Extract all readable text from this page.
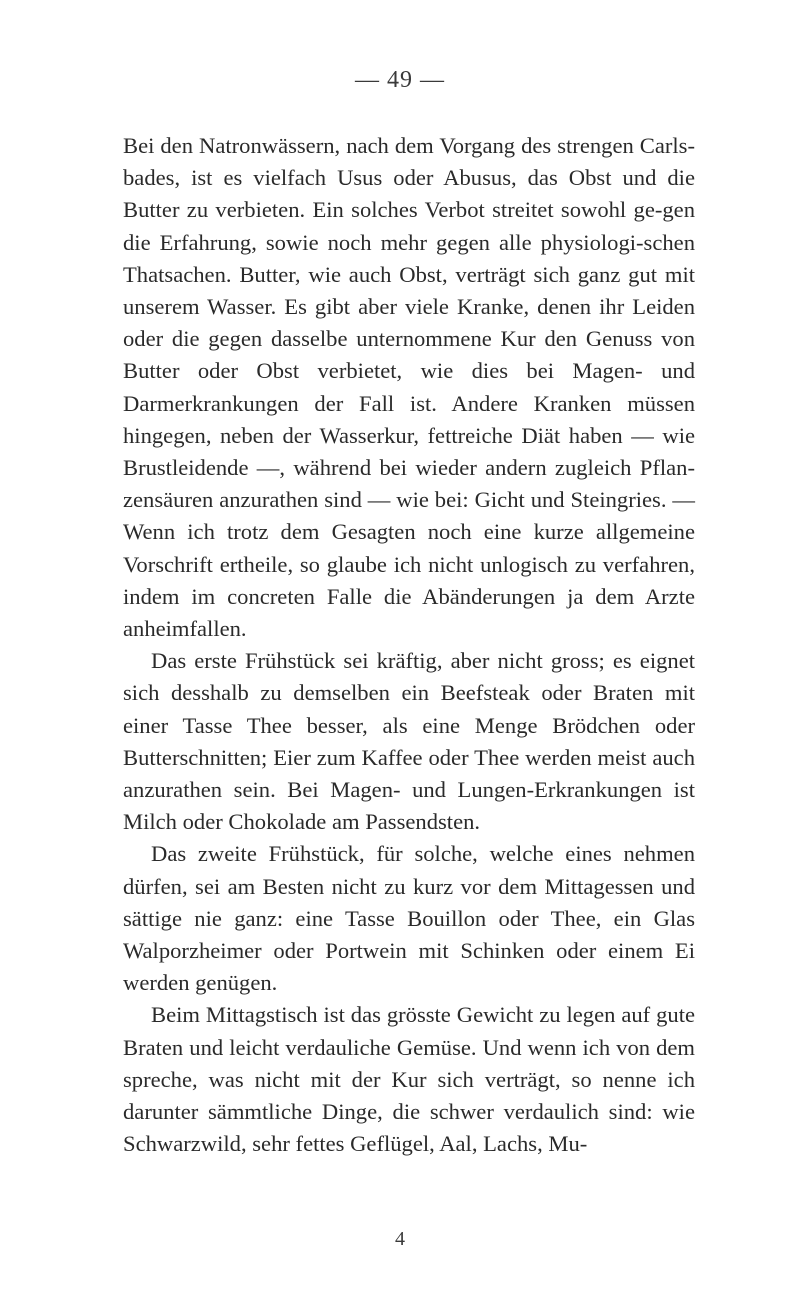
— 49 —

Bei den Natronwässern, nach dem Vorgang des strengen Carls-bades, ist es vielfach Usus oder Abusus, das Obst und die Butter zu verbieten. Ein solches Verbot streitet sowohl ge-gen die Erfahrung, sowie noch mehr gegen alle physiologi-schen Thatsachen. Butter, wie auch Obst, verträgt sich ganz gut mit unserem Wasser. Es gibt aber viele Kranke, denen ihr Leiden oder die gegen dasselbe unternommene Kur den Genuss von Butter oder Obst verbietet, wie dies bei Magen- und Darmerkrankungen der Fall ist. Andere Kranken müssen hingegen, neben der Wasserkur, fettreiche Diät haben — wie Brustleidende —, während bei wieder andern zugleich Pflan-zensäuren anzurathen sind — wie bei: Gicht und Steingries. — Wenn ich trotz dem Gesagten noch eine kurze allgemeine Vorschrift ertheile, so glaube ich nicht unlogisch zu verfahren, indem im concreten Falle die Abänderungen ja dem Arzte anheimfallen.

Das erste Frühstück sei kräftig, aber nicht gross; es eignet sich desshalb zu demselben ein Beefsteak oder Braten mit einer Tasse Thee besser, als eine Menge Brödchen oder Butterschnitten; Eier zum Kaffee oder Thee werden meist auch anzurathen sein. Bei Magen- und Lungen-Erkrankungen ist Milch oder Chokolade am Passendsten.

Das zweite Frühstück, für solche, welche eines nehmen dürfen, sei am Besten nicht zu kurz vor dem Mittagessen und sättige nie ganz: eine Tasse Bouillon oder Thee, ein Glas Walporzheimer oder Portwein mit Schinken oder einem Ei werden genügen.

Beim Mittagstisch ist das grösste Gewicht zu legen auf gute Braten und leicht verdauliche Gemüse. Und wenn ich von dem spreche, was nicht mit der Kur sich verträgt, so nenne ich darunter sämmtliche Dinge, die schwer verdaulich sind: wie Schwarzwild, sehr fettes Geflügel, Aal, Lachs, Mu-

4
